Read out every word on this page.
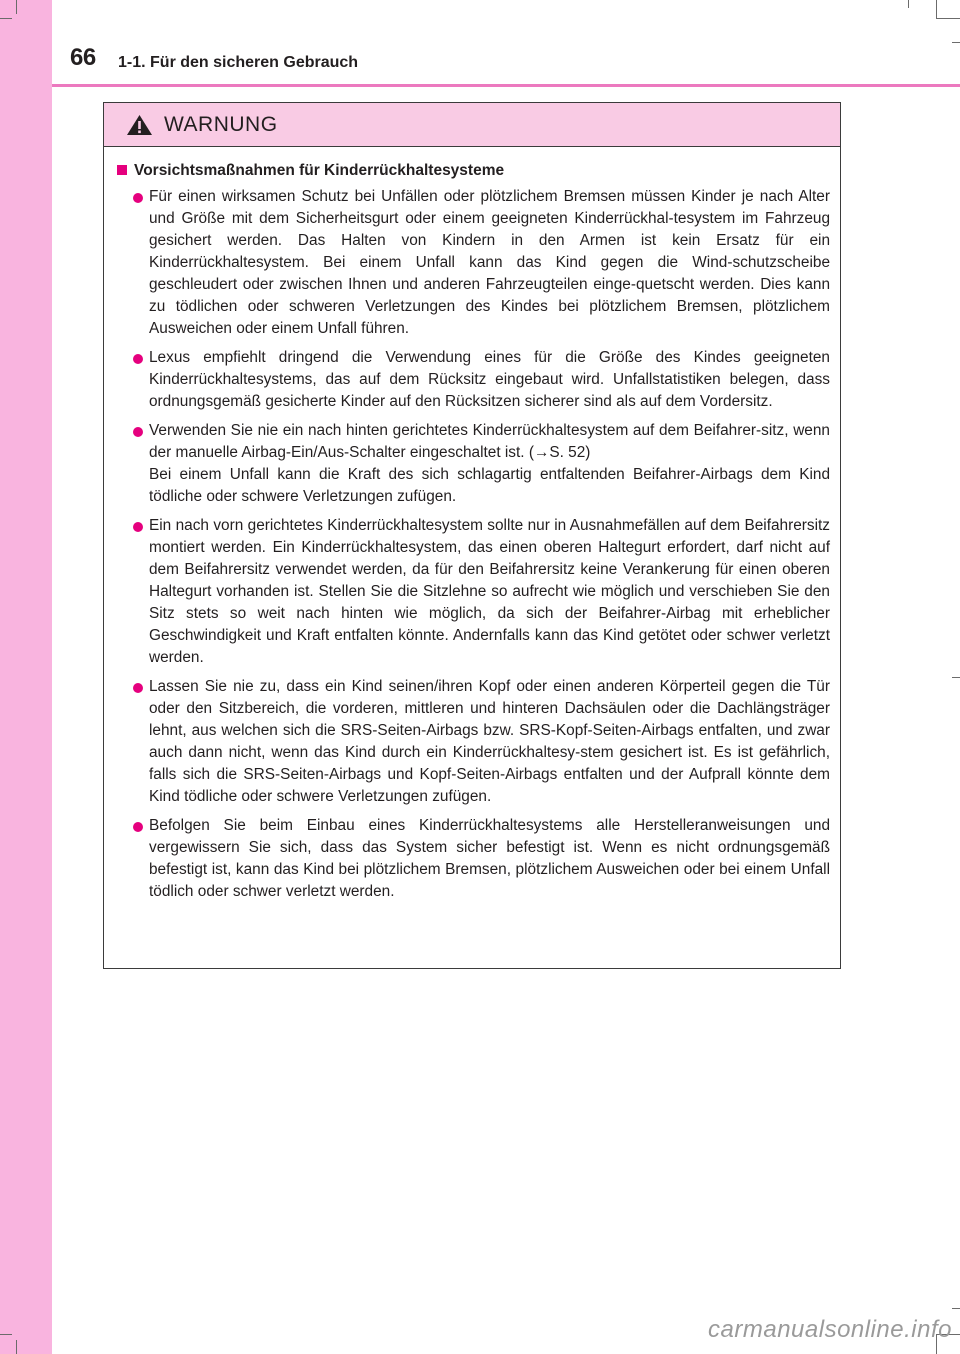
66 1-1. Für den sicheren Gebrauch
WARNUNG
Vorsichtsmaßnahmen für Kinderrückhaltesysteme

Für einen wirksamen Schutz bei Unfällen oder plötzlichem Bremsen müssen Kinder je nach Alter und Größe mit dem Sicherheitsgurt oder einem geeigneten Kinderrückhal-tesystem im Fahrzeug gesichert werden. Das Halten von Kindern in den Armen ist kein Ersatz für ein Kinderrückhaltesystem. Bei einem Unfall kann das Kind gegen die Wind-schutzscheibe geschleudert oder zwischen Ihnen und anderen Fahrzeugteilen einge-quetscht werden. Dies kann zu tödlichen oder schweren Verletzungen des Kindes bei plötzlichem Bremsen, plötzlichem Ausweichen oder einem Unfall führen.

Lexus empfiehlt dringend die Verwendung eines für die Größe des Kindes geeigneten Kinderrückhaltesystems, das auf dem Rücksitz eingebaut wird. Unfallstatistiken belegen, dass ordnungsgemäß gesicherte Kinder auf den Rücksitzen sicherer sind als auf dem Vordersitz.

Verwenden Sie nie ein nach hinten gerichtetes Kinderrückhaltesystem auf dem Beifahrer-sitz, wenn der manuelle Airbag-Ein/Aus-Schalter eingeschaltet ist. (→S. 52)

Bei einem Unfall kann die Kraft des sich schlagartig entfaltenden Beifahrer-Airbags dem Kind tödliche oder schwere Verletzungen zufügen.

Ein nach vorn gerichtetes Kinderrückhaltesystem sollte nur in Ausnahmefällen auf dem Beifahrersitz montiert werden. Ein Kinderrückhaltesystem, das einen oberen Haltegurt erfordert, darf nicht auf dem Beifahrersitz verwendet werden, da für den Beifahrersitz keine Verankerung für einen oberen Haltegurt vorhanden ist. Stellen Sie die Sitzlehne so aufrecht wie möglich und verschieben Sie den Sitz stets so weit nach hinten wie möglich, da sich der Beifahrer-Airbag mit erheblicher Geschwindigkeit und Kraft entfalten könnte. Andernfalls kann das Kind getötet oder schwer verletzt werden.

Lassen Sie nie zu, dass ein Kind seinen/ihren Kopf oder einen anderen Körperteil gegen die Tür oder den Sitzbereich, die vorderen, mittleren und hinteren Dachsäulen oder die Dachlängsträger lehnt, aus welchen sich die SRS-Seiten-Airbags bzw. SRS-Kopf-Seiten-Airbags entfalten, und zwar auch dann nicht, wenn das Kind durch ein Kinderrückhaltesy-stem gesichert ist. Es ist gefährlich, falls sich die SRS-Seiten-Airbags und Kopf-Seiten-Airbags entfalten und der Aufprall könnte dem Kind tödliche oder schwere Verletzungen zufügen.

Befolgen Sie beim Einbau eines Kinderrückhaltesystems alle Herstelleranweisungen und vergewissern Sie sich, dass das System sicher befestigt ist. Wenn es nicht ordnungsgemäß befestigt ist, kann das Kind bei plötzlichem Bremsen, plötzlichem Ausweichen oder bei einem Unfall tödlich oder schwer verletzt werden.

carmanualsonline.info
